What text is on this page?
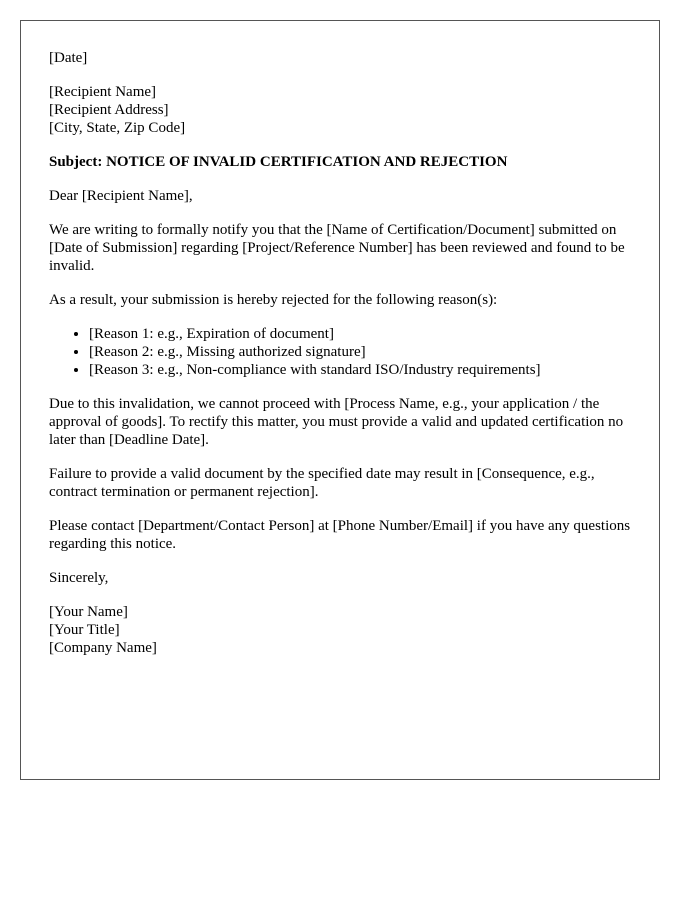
[Date]

[Recipient Name]
[Recipient Address]
[City, State, Zip Code]

Subject: NOTICE OF INVALID CERTIFICATION AND REJECTION

Dear [Recipient Name],

We are writing to formally notify you that the [Name of Certification/Document] submitted on [Date of Submission] regarding [Project/Reference Number] has been reviewed and found to be invalid.

As a result, your submission is hereby rejected for the following reason(s):

• [Reason 1: e.g., Expiration of document]
• [Reason 2: e.g., Missing authorized signature]
• [Reason 3: e.g., Non-compliance with standard ISO/Industry requirements]

Due to this invalidation, we cannot proceed with [Process Name, e.g., your application / the approval of goods]. To rectify this matter, you must provide a valid and updated certification no later than [Deadline Date].

Failure to provide a valid document by the specified date may result in [Consequence, e.g., contract termination or permanent rejection].

Please contact [Department/Contact Person] at [Phone Number/Email] if you have any questions regarding this notice.

Sincerely,

[Your Name]
[Your Title]
[Company Name]
